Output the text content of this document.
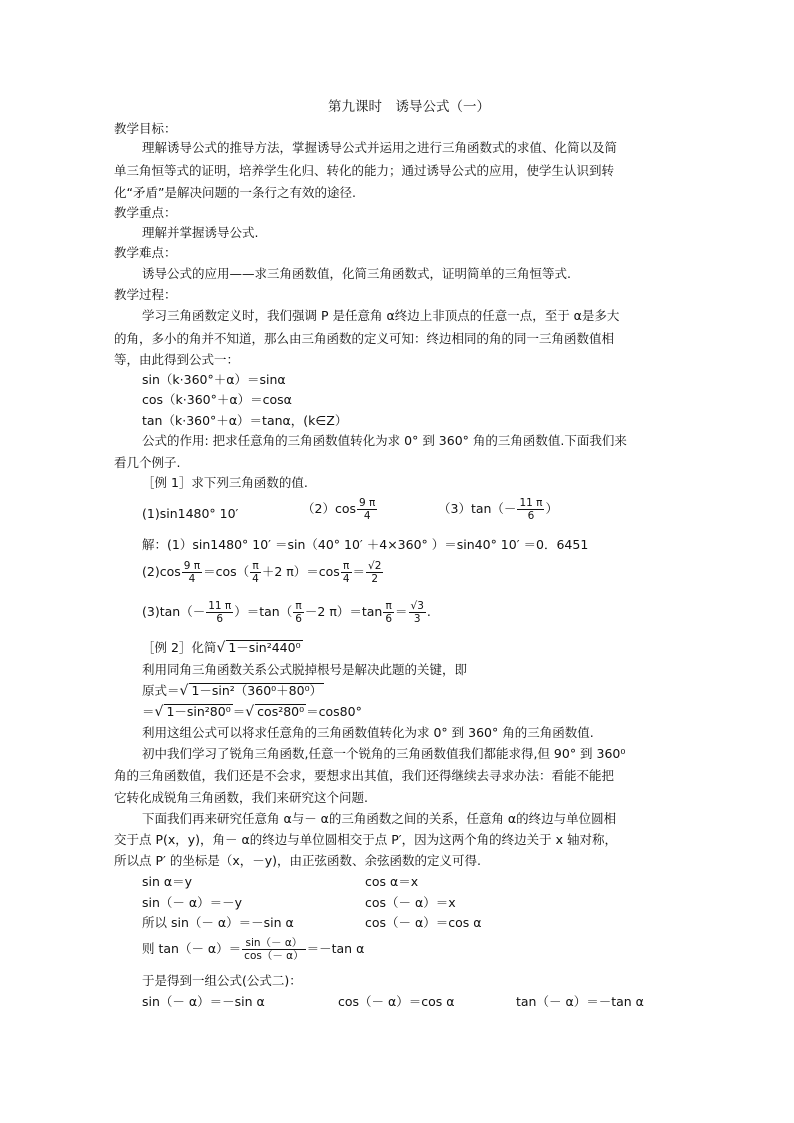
第九课时　诱导公式（一）
教学目标：
理解诱导公式的推导方法，掌握诱导公式并运用之进行三角函数式的求值、化简以及简
单三角恒等式的证明，培养学生化归、转化的能力；通过诱导公式的应用，使学生认识到转
化“矛盾”是解决问题的一条行之有效的途径.
教学重点：
理解并掌握诱导公式.
教学难点：
诱导公式的应用——求三角函数值，化简三角函数式，证明简单的三角恒等式.
教学过程：
学习三角函数定义时，我们强调 P 是任意角 α终边上非顶点的任意一点，至于 α是多大
的角，多小的角并不知道，那么由三角函数的定义可知：终边相同的角的同一三角函数值相
等，由此得到公式一：
sin（k·360°＋α）＝sinα
cos（k·360°＋α）＝cosα
tan（k·360°＋α）＝tanα，(k∈Z）
公式的作用: 把求任意角的三角函数值转化为求 0° 到 360° 角的三角函数值.下面我们来
看几个例子.
［例 1］求下列三角函数的值.
(1)sin1480° 10′	$(2)\cos \frac{9 \pi}{4}$	$(3)\tan(- \frac{11 \pi}{6}$ ）
解：(1）sin1480° 10′ ＝sin（40° 10′ ＋4×360° ）＝sin40° 10′ ＝0．6451
$(2)\cos \frac{9 \pi}{4} =\cos( \frac{\pi}{4} +2$ $\pi)=\cos \frac{\pi}{4} = \frac{√2}{2}$
$(3)\tan(- \frac{11 \pi}{6} )=\tan( \frac{\pi}{6} -2$ $\pi)=\tan \frac{\pi}{6} = \frac{√3}{3}$ .
［例 2］化简√ 1－sin²440⁰
利用同角三角函数关系公式脱掉根号是解决此题的关键，即
原式＝√ 1－sin²（360⁰＋80⁰）
＝√ 1－sin²80⁰ ＝√ cos²80⁰ ＝cos80°
利用这组公式可以将求任意角的三角函数值转化为求 0° 到 360° 角的三角函数值.
初中我们学习了锐角三角函数,任意一个锐角的三角函数值我们都能求得,但 90° 到 360⁰
角的三角函数值，我们还是不会求，要想求出其值，我们还得继续去寻求办法：看能不能把
它转化成锐角三角函数，我们来研究这个问题.
下面我们再来研究任意角 α与－ α的三角函数之间的关系，任意角 α的终边与单位圆相
交于点 P(x，y)，角－ α的终边与单位圆相交于点 P′，因为这两个角的终边关于 x 轴对称，
所以点 P′ 的坐标是（x，－y)，由正弦函数、余弦函数的定义可得.
sin α＝y	cos α＝x
sin（－ α）＝－y	cos（－ α）＝x
所以 sin（－ α）＝－sin α	cos（－ α）＝cos α
则 $\tan(- \alpha)= \frac{\sin(- \alpha)}{\cos(- \alpha)} =-\tan$ α
于是得到一组公式(公式二)：
sin（－ α）＝－sin α	cos（－ α）＝cos α	tan（－ α）＝－tan α
